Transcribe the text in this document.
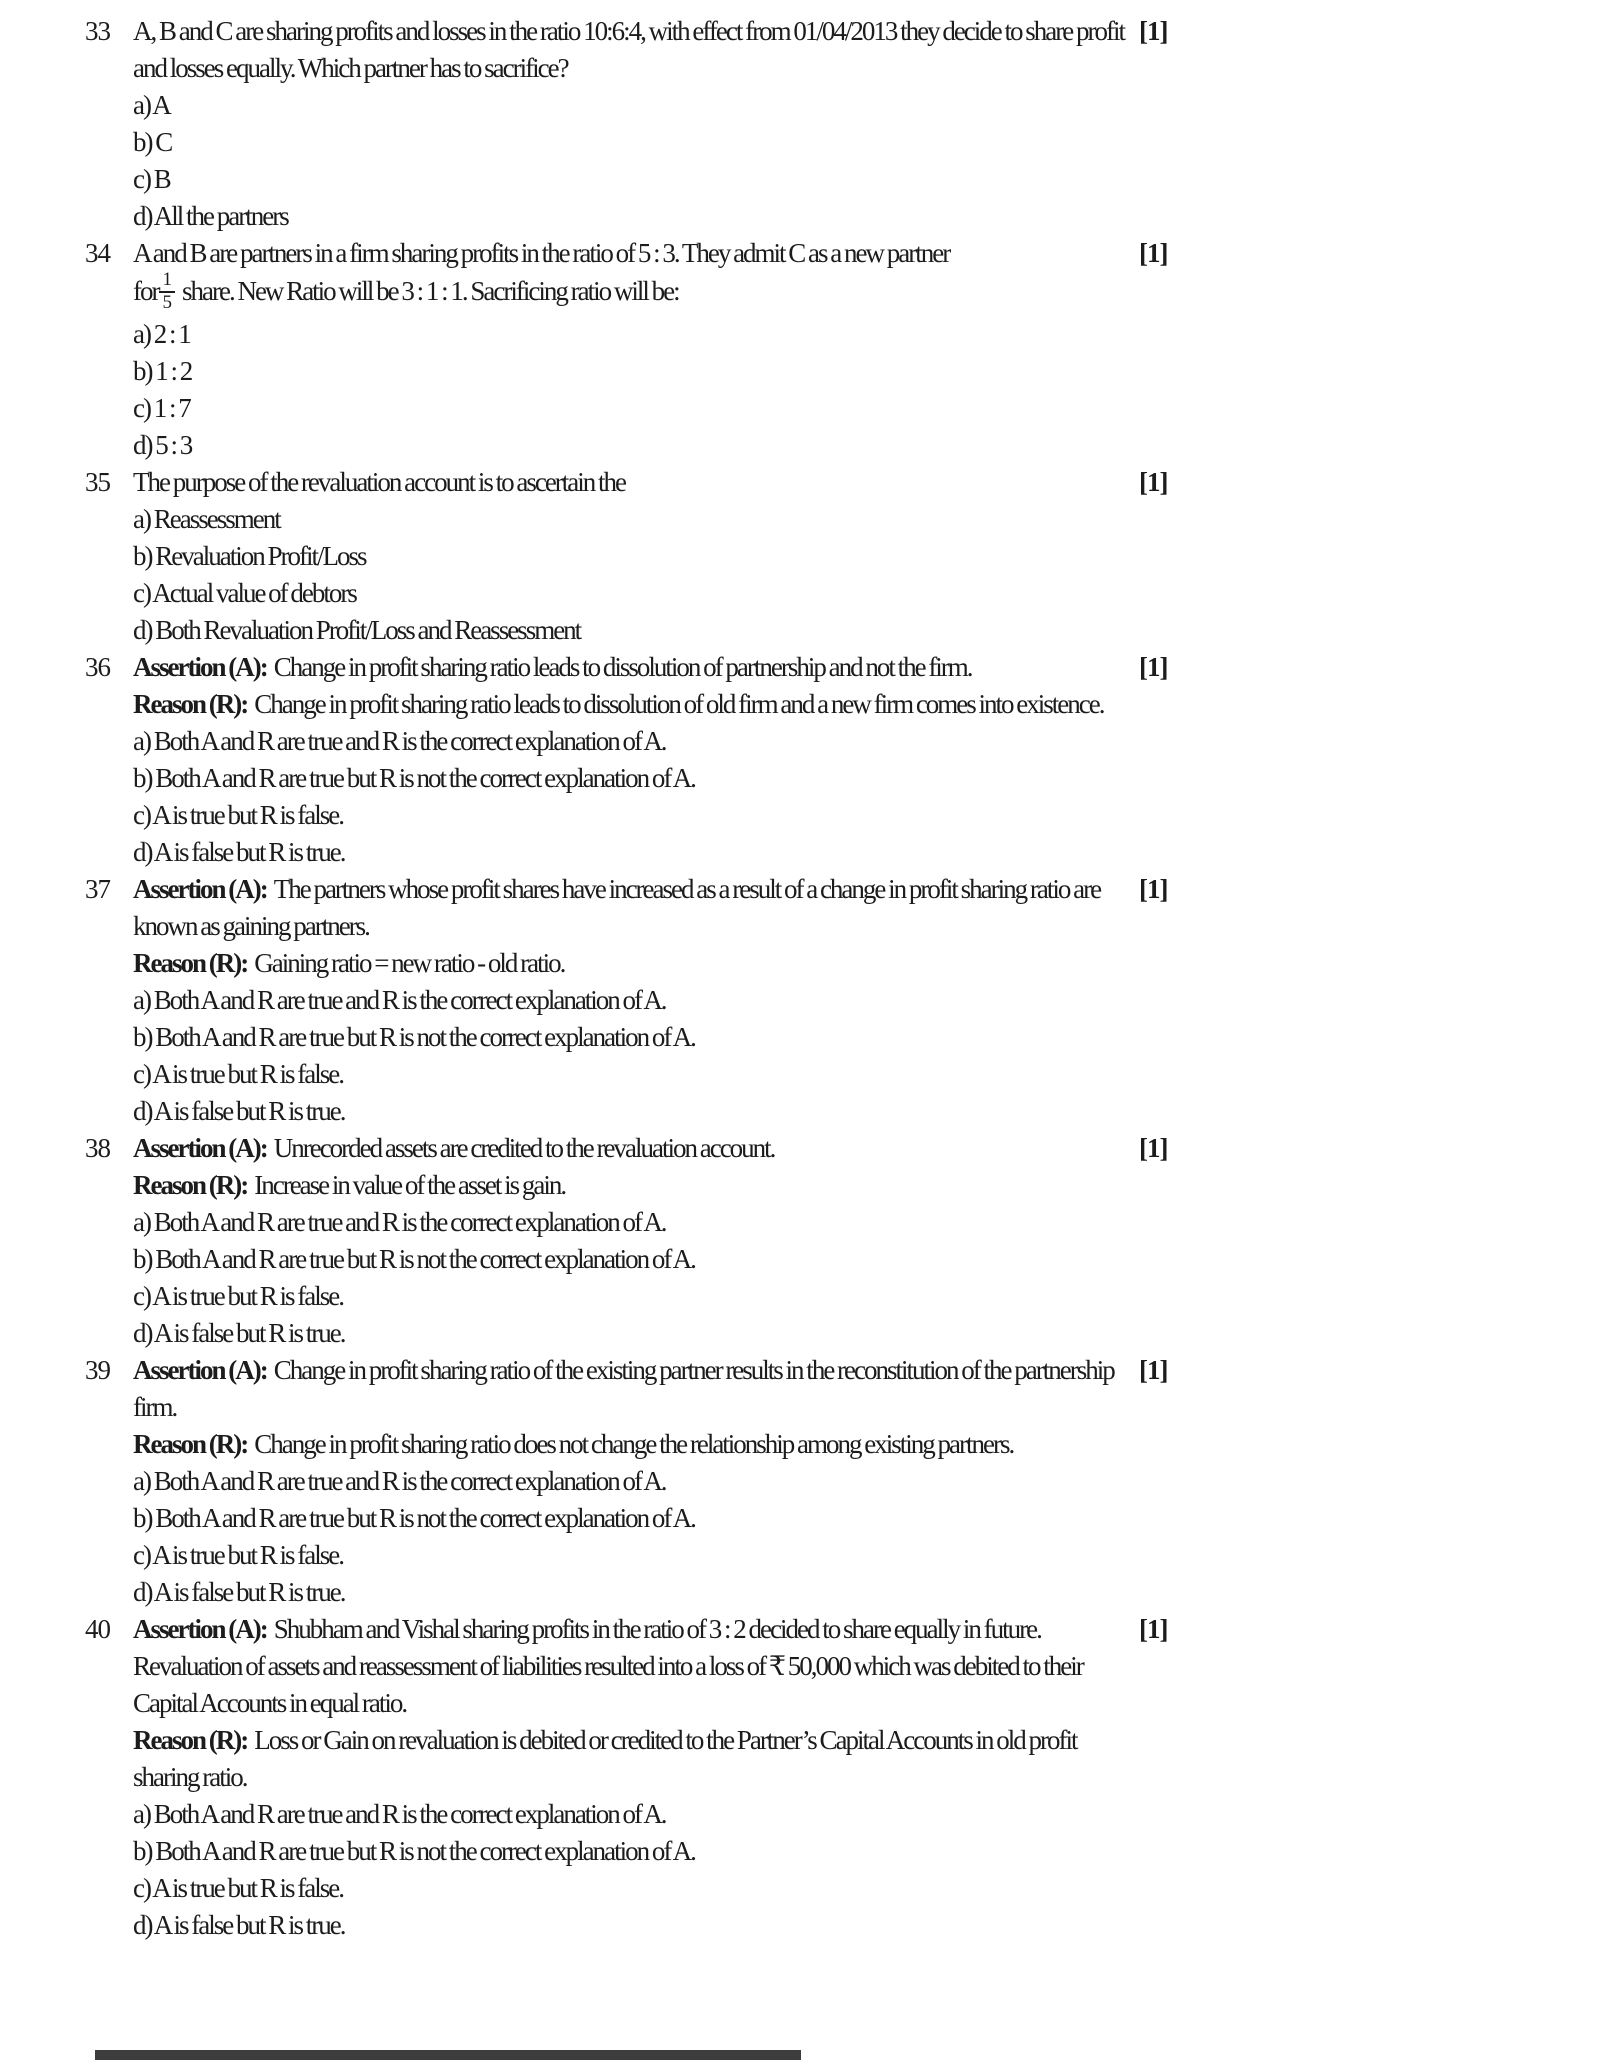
33 A, B and C are sharing profits and losses in the ratio 10:6:4, with effect from 01/04/2013 they decide to share profit and losses equally. Which partner has to sacrifice?

a) A
b) C
c) B
d) All the partners
[1]
34 A and B are partners in a firm sharing profits in the ratio of 5 : 3. They admit C as a new partner

for $\frac{1}{5}$ share. New Ratio will be 3 : 1 : 1. Sacrificing ratio will be:

a) 2 : 1
b) 1 : 2
c) 1 : 7
d) 5 : 3
[1]
35 The purpose of the revaluation account is to ascertain the

a) Reassessment
b) Revaluation Profit/Loss
c) Actual value of debtors
d) Both Revaluation Profit/Loss and Reassessment
[1]
36 Assertion (A): Change in profit sharing ratio leads to dissolution of partnership and not the firm.

Reason (R): Change in profit sharing ratio leads to dissolution of old firm and a new firm comes into existence.

a) Both A and R are true and R is the correct explanation of A.
b) Both A and R are true but R is not the correct explanation of A.
c) A is true but R is false.
d) A is false but R is true.
[1]
37 Assertion (A): The partners whose profit shares have increased as a result of a change in profit sharing ratio are known as gaining partners.

Reason (R): Gaining ratio = new ratio - old ratio.

a) Both A and R are true and R is the correct explanation of A.
b) Both A and R are true but R is not the correct explanation of A.
c) A is true but R is false.
d) A is false but R is true.
[1]
38 Assertion (A): Unrecorded assets are credited to the revaluation account.

Reason (R): Increase in value of the asset is gain.

a) Both A and R are true and R is the correct explanation of A.
b) Both A and R are true but R is not the correct explanation of A.
c) A is true but R is false.
d) A is false but R is true.
[1]
39 Assertion (A): Change in profit sharing ratio of the existing partner results in the reconstitution of the partnership firm.

Reason (R): Change in profit sharing ratio does not change the relationship among existing partners.

a) Both A and R are true and R is the correct explanation of A.
b) Both A and R are true but R is not the correct explanation of A.
c) A is true but R is false.
d) A is false but R is true.
[1]
40 Assertion (A): Shubham and Vishal sharing profits in the ratio of 3 : 2 decided to share equally in future. Revaluation of assets and reassessment of liabilities resulted into a loss of ₹ 50,000 which was debited to their Capital Accounts in equal ratio.

Reason (R): Loss or Gain on revaluation is debited or credited to the Partner’s Capital Accounts in old profit sharing ratio.

a) Both A and R are true and R is the correct explanation of A.
b) Both A and R are true but R is not the correct explanation of A.
c) A is true but R is false.
d) A is false but R is true.
[1]
